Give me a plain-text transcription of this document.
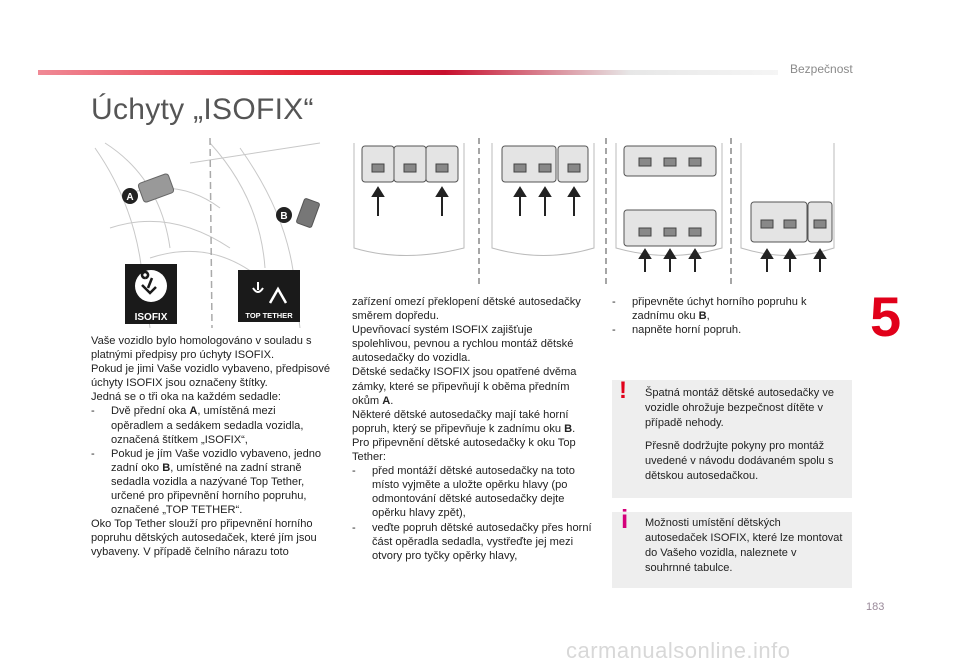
Bezpečnost
Úchyty „ISOFIX“
5
A
B
ISOFIX	TOP TETHER

Vaše vozidlo bylo homologováno v souladu s platnými předpisy pro úchyty ISOFIX.

Pokud je jimi Vaše vozidlo vybaveno, předpisové úchyty ISOFIX jsou označeny štítky.

Jedná se o tři oka na každém sedadle:

- Dvě přední oka A, umístěná mezi opěradlem a sedákem sedadla vozidla, označená štítkem „ISOFIX“,
- Pokud je jím Vaše vozidlo vybaveno, jedno zadní oko B, umístěné na zadní straně sedadla vozidla a nazývané Top Tether, určené pro připevnění horního popruhu, označené „TOP TETHER“.

Oko Top Tether slouží pro připevnění horního popruhu dětských autosedaček, které jím jsou vybaveny. V případě čelního nárazu toto

zařízení omezí překlopení dětské autosedačky směrem dopředu.

Upevňovací systém ISOFIX zajišťuje spolehlivou, pevnou a rychlou montáž dětské autosedačky do vozidla.

Dětské sedačky ISOFIX jsou opatřené dvěma zámky, které se připevňují k oběma předním okům A.

Některé dětské autosedačky mají také horní popruh, který se připevňuje k zadnímu oku B.

Pro připevnění dětské autosedačky k oku Top Tether:

- před montáží dětské autosedačky na toto místo vyjměte a uložte opěrku hlavy (po odmontování dětské autosedačky dejte opěrku hlavy zpět),
- veďte popruh dětské autosedačky přes horní část opěradla sedadla, vystřeďte jej mezi otvory pro tyčky opěrky hlavy,
- připevněte úchyt horního popruhu k zadnímu oku B,
- napněte horní popruh.
! Špatná montáž dětské autosedačky ve vozidle ohrožuje bezpečnost dítěte v případě nehody.

Přesně dodržujte pokyny pro montáž uvedené v návodu dodávaném spolu s dětskou autosedačkou.

i Možnosti umístění dětských autosedaček ISOFIX, které lze montovat do Vašeho vozidla, naleznete v souhrnné tabulce.

183
carmanualsonline.info
